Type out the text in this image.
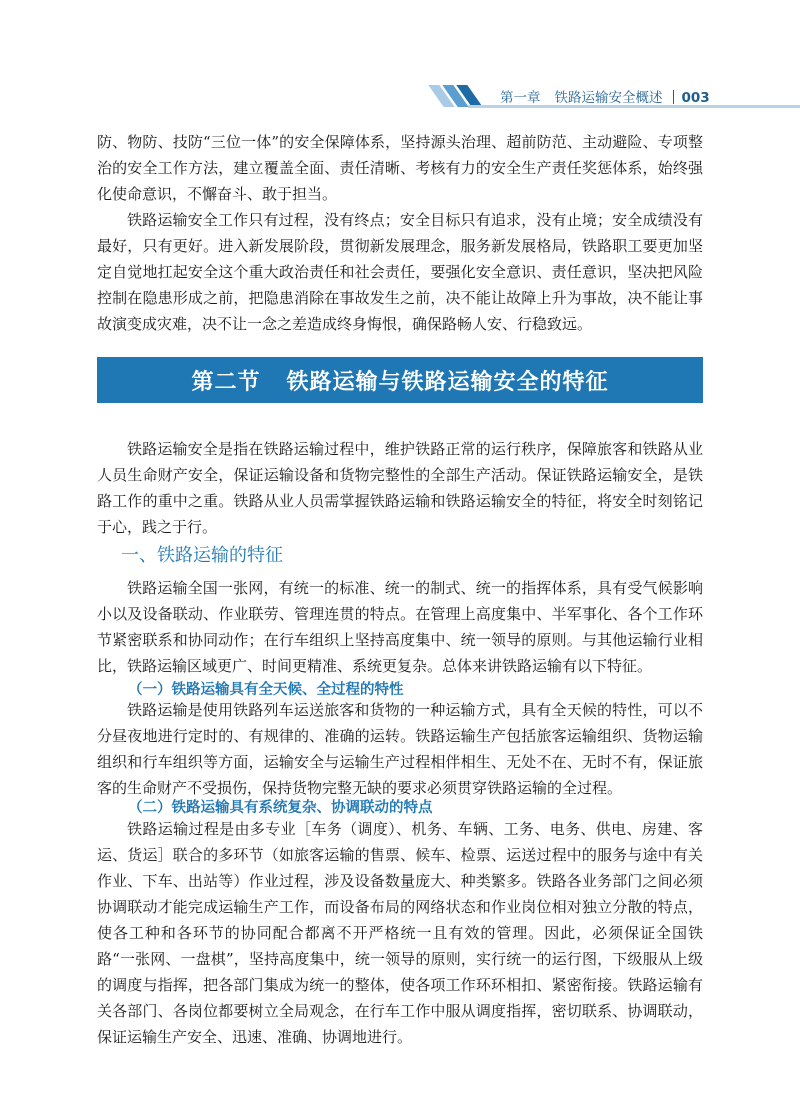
第一章 铁路运输安全概述 003

防、物防、技防“三位一体”的安全保障体系，坚持源头治理、超前防范、主动避险、专项整治的安全工作方法，建立覆盖全面、责任清晰、考核有力的安全生产责任奖惩体系，始终强化使命意识，不懈奋斗、敢于担当。

铁路运输安全工作只有过程，没有终点；安全目标只有追求，没有止境；安全成绩没有最好，只有更好。进入新发展阶段，贯彻新发展理念，服务新发展格局，铁路职工要更加坚定自觉地扛起安全这个重大政治责任和社会责任，要强化安全意识、责任意识，坚决把风险控制在隐患形成之前，把隐患消除在事故发生之前，决不能让故障上升为事故，决不能让事故演变成灾难，决不让一念之差造成终身悔恨，确保路畅人安、行稳致远。

第二节 铁路运输与铁路运输安全的特征

铁路运输安全是指在铁路运输过程中，维护铁路正常的运行秩序，保障旅客和铁路从业人员生命财产安全，保证运输设备和货物完整性的全部生产活动。保证铁路运输安全，是铁路工作的重中之重。铁路从业人员需掌握铁路运输和铁路运输安全的特征，将安全时刻铭记于心，践之于行。

一、铁路运输的特征

铁路运输全国一张网，有统一的标准、统一的制式、统一的指挥体系，具有受气候影响小以及设备联动、作业联劳、管理连贯的特点。在管理上高度集中、半军事化、各个工作环节紧密联系和协同动作；在行车组织上坚持高度集中、统一领导的原则。与其他运输行业相比，铁路运输区域更广、时间更精准、系统更复杂。总体来讲铁路运输有以下特征。

（一）铁路运输具有全天候、全过程的特性

铁路运输是使用铁路列车运送旅客和货物的一种运输方式，具有全天候的特性，可以不分昼夜地进行定时的、有规律的、准确的运转。铁路运输生产包括旅客运输组织、货物运输组织和行车组织等方面，运输安全与运输生产过程相伴相生、无处不在、无时不有，保证旅客的生命财产不受损伤，保持货物完整无缺的要求必须贯穿铁路运输的全过程。

（二）铁路运输具有系统复杂、协调联动的特点

铁路运输过程是由多专业［车务（调度）、机务、车辆、工务、电务、供电、房建、客运、货运］联合的多环节（如旅客运输的售票、候车、检票、运送过程中的服务与途中有关作业、下车、出站等）作业过程，涉及设备数量庞大、种类繁多。铁路各业务部门之间必须协调联动才能完成运输生产工作，而设备布局的网络状态和作业岗位相对独立分散的特点，使各工种和各环节的协同配合都离不开严格统一且有效的管理。因此，必须保证全国铁路“一张网、一盘棋”，坚持高度集中，统一领导的原则，实行统一的运行图，下级服从上级的调度与指挥，把各部门集成为统一的整体，使各项工作环环相扣、紧密衔接。铁路运输有关各部门、各岗位都要树立全局观念，在行车工作中服从调度指挥，密切联系、协调联动，保证运输生产安全、迅速、准确、协调地进行。
